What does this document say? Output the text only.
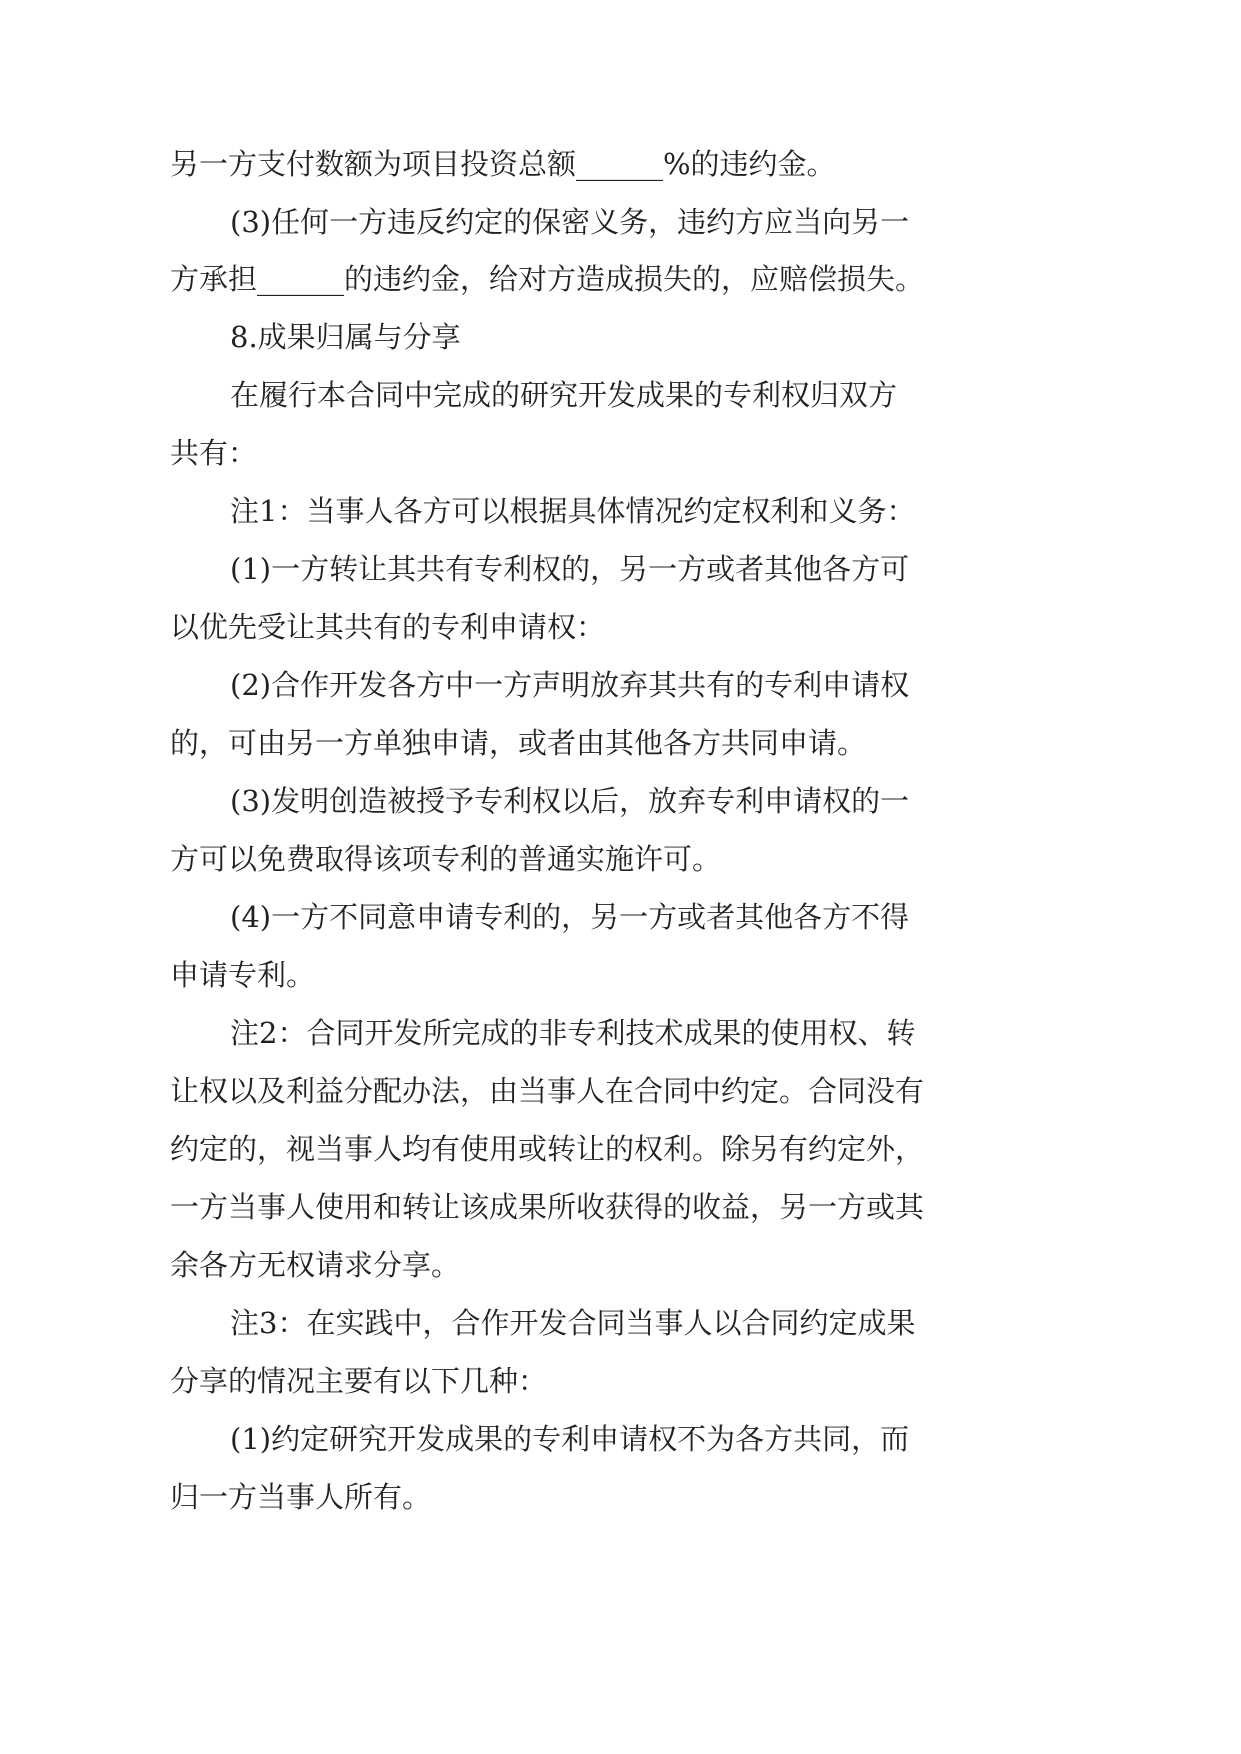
另一方支付数额为项目投资总额______%的违约金。

(3)任何一方违反约定的保密义务，违约方应当向另一

方承担______的违约金，给对方造成损失的，应赔偿损失。

8.成果归属与分享

在履行本合同中完成的研究开发成果的专利权归双方

共有：

注1：当事人各方可以根据具体情况约定权利和义务：

(1)一方转让其共有专利权的，另一方或者其他各方可

以优先受让其共有的专利申请权：

(2)合作开发各方中一方声明放弃其共有的专利申请权

的，可由另一方单独申请，或者由其他各方共同申请。

(3)发明创造被授予专利权以后，放弃专利申请权的一

方可以免费取得该项专利的普通实施许可。

(4)一方不同意申请专利的，另一方或者其他各方不得

申请专利。

注2：合同开发所完成的非专利技术成果的使用权、转

让权以及利益分配办法，由当事人在合同中约定。合同没有

约定的，视当事人均有使用或转让的权利。除另有约定外，

一方当事人使用和转让该成果所收获得的收益，另一方或其

余各方无权请求分享。

注3：在实践中，合作开发合同当事人以合同约定成果

分享的情况主要有以下几种：

(1)约定研究开发成果的专利申请权不为各方共同，而

归一方当事人所有。
